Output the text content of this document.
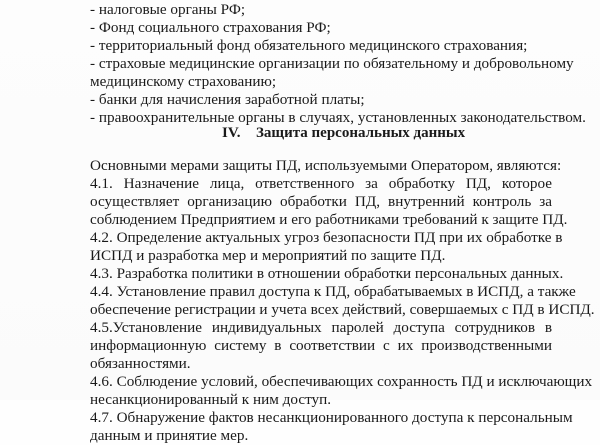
- налоговые органы РФ;

- Фонд социального страхования РФ;

- территориальный фонд обязательного медицинского страхования;

- страховые медицинские организации по обязательному и добровольному

медицинскому страхованию;

- банки для начисления заработной платы;

- правоохранительные органы в случаях, установленных законодательством.

IV. Защита персональных данных

Основными мерами защиты ПД, используемыми Оператором, являются:

4.1. Назначение лица, ответственного за обработку ПД, которое

осуществляет организацию обработки ПД, внутренний контроль за

соблюдением Предприятием и его работниками требований к защите ПД.

4.2. Определение актуальных угроз безопасности ПД при их обработке в

ИСПД и разработка мер и мероприятий по защите ПД.

4.3. Разработка политики в отношении обработки персональных данных.

4.4. Установление правил доступа к ПД, обрабатываемых в ИСПД, а также

обеспечение регистрации и учета всех действий, совершаемых с ПД в ИСПД.

4.5.Установление индивидуальных паролей доступа сотрудников в

информационную систему в соответствии с их производственными

обязанностями.

4.6. Соблюдение условий, обеспечивающих сохранность ПД и исключающих

несанкционированный к ним доступ.

4.7. Обнаружение фактов несанкционированного доступа к персональным

данным и принятие мер.
